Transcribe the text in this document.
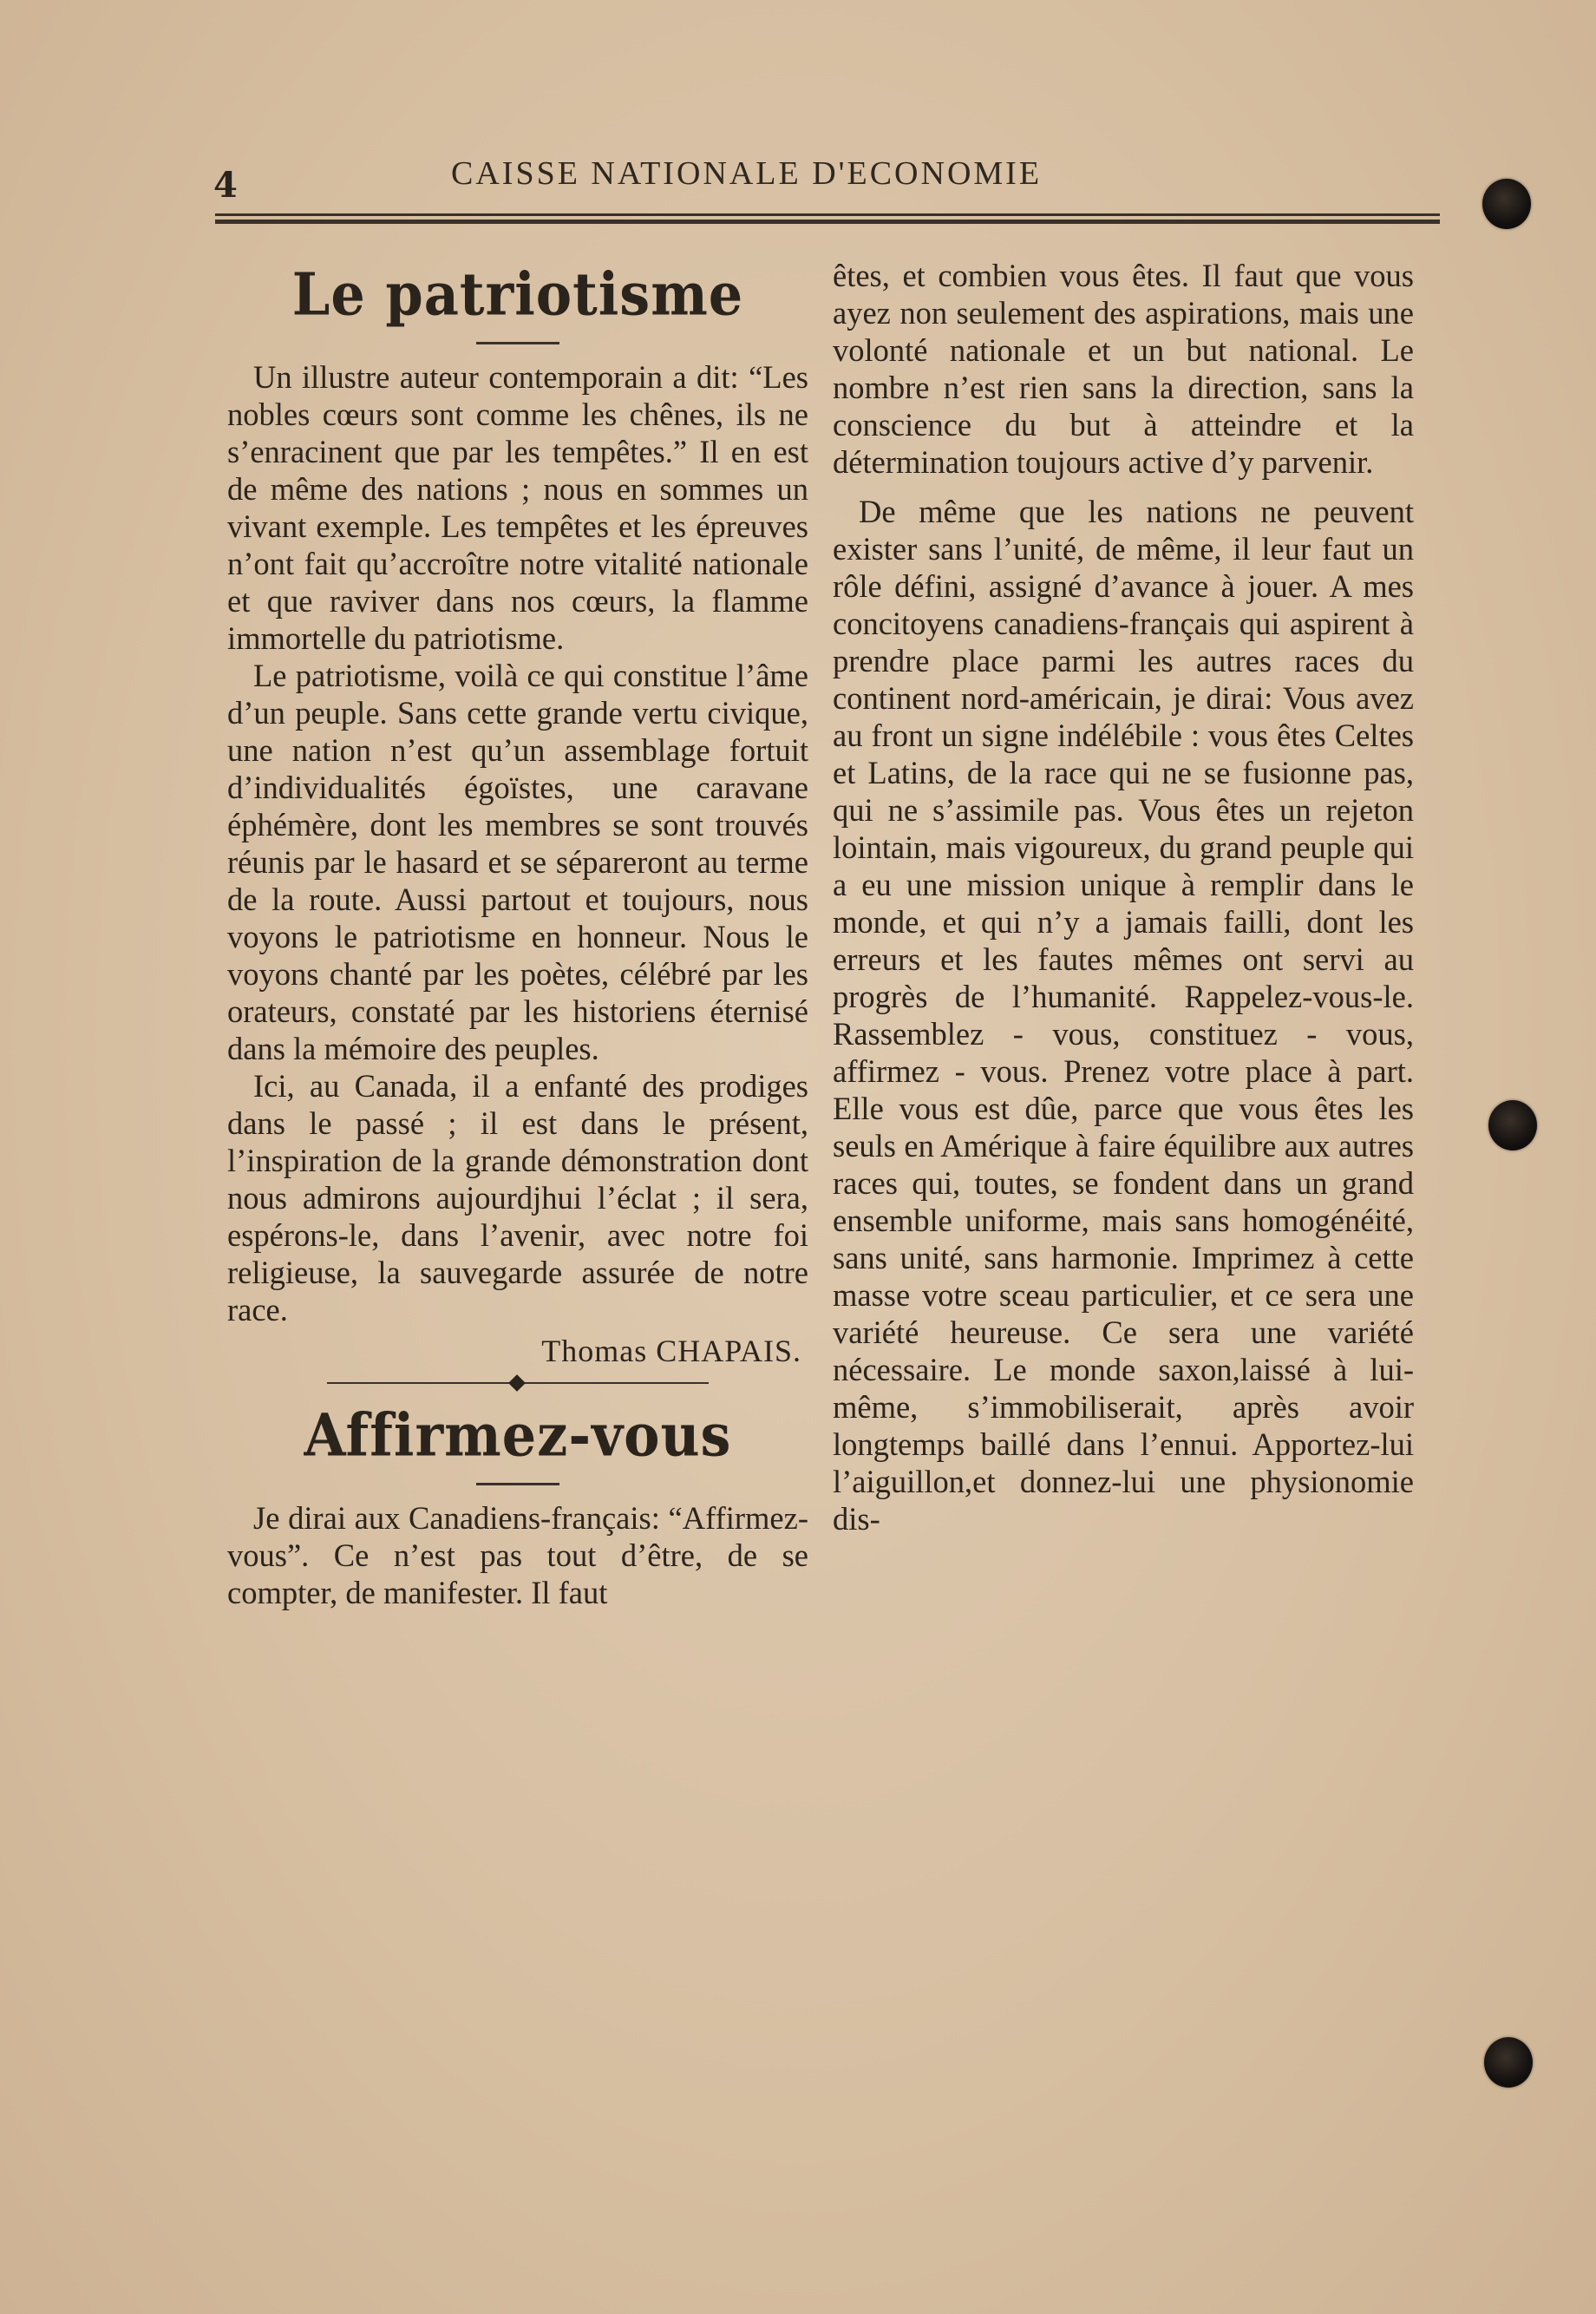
4	CAISSE NATIONALE D'ECONOMIE
Le patriotisme

Un illustre auteur contemporain a dit: “Les nobles cœurs sont comme les chênes, ils ne s’enracinent que par les tempêtes.” Il en est de même des nations ; nous en sommes un vivant exemple. Les tempêtes et les épreuves n’ont fait qu’accroître notre vitalité nationale et que raviver dans nos cœurs, la flamme immortelle du patriotisme.

Le patriotisme, voilà ce qui constitue l’âme d’un peuple. Sans cette grande vertu civique, une nation n’est qu’un assemblage fortuit d’individualités égoïstes, une caravane éphémère, dont les membres se sont trouvés réunis par le hasard et se sépareront au terme de la route. Aussi partout et toujours, nous voyons le patriotisme en honneur. Nous le voyons chanté par les poètes, célébré par les orateurs, constaté par les historiens éternisé dans la mémoire des peuples.

Ici, au Canada, il a enfanté des prodiges dans le passé ; il est dans le présent, l’inspiration de la grande démonstration dont nous admirons aujourdjhui l’éclat ; il sera, espérons-le, dans l’avenir, avec notre foi religieuse, la sauvegarde assurée de notre race.

Thomas CHAPAIS.
Affirmez-vous

Je dirai aux Canadiens-français: “Affirmez-vous”. Ce n’est pas tout d’être, de se compter, de manifester. Il faut

êtes, et combien vous êtes. Il faut que vous ayez non seulement des aspirations, mais une volonté nationale et un but national. Le nombre n’est rien sans la direction, sans la conscience du but à atteindre et la détermination toujours active d’y parvenir.

De même que les nations ne peuvent exister sans l’unité, de même, il leur faut un rôle défini, assigné d’avance à jouer. A mes concitoyens canadiens-français qui aspirent à prendre place parmi les autres races du continent nord-américain, je dirai: Vous avez au front un signe indélébile : vous êtes Celtes et Latins, de la race qui ne se fusionne pas, qui ne s’assimile pas. Vous êtes un rejeton lointain, mais vigoureux, du grand peuple qui a eu une mission unique à remplir dans le monde, et qui n’y a jamais failli, dont les erreurs et les fautes mêmes ont servi au progrès de l’humanité. Rappelez-vous-le. Rassemblez - vous, constituez - vous, affirmez - vous. Prenez votre place à part. Elle vous est dûe, parce que vous êtes les seuls en Amérique à faire équilibre aux autres races qui, toutes, se fondent dans un grand ensemble uniforme, mais sans homogénéité, sans unité, sans harmonie. Imprimez à cette masse votre sceau particulier, et ce sera une variété heureuse. Ce sera une variété nécessaire. Le monde saxon,laissé à lui-même, s’immobiliserait, après avoir longtemps baillé dans l’ennui. Apportez-lui l’aiguillon,et donnez-lui une physionomie dis-
